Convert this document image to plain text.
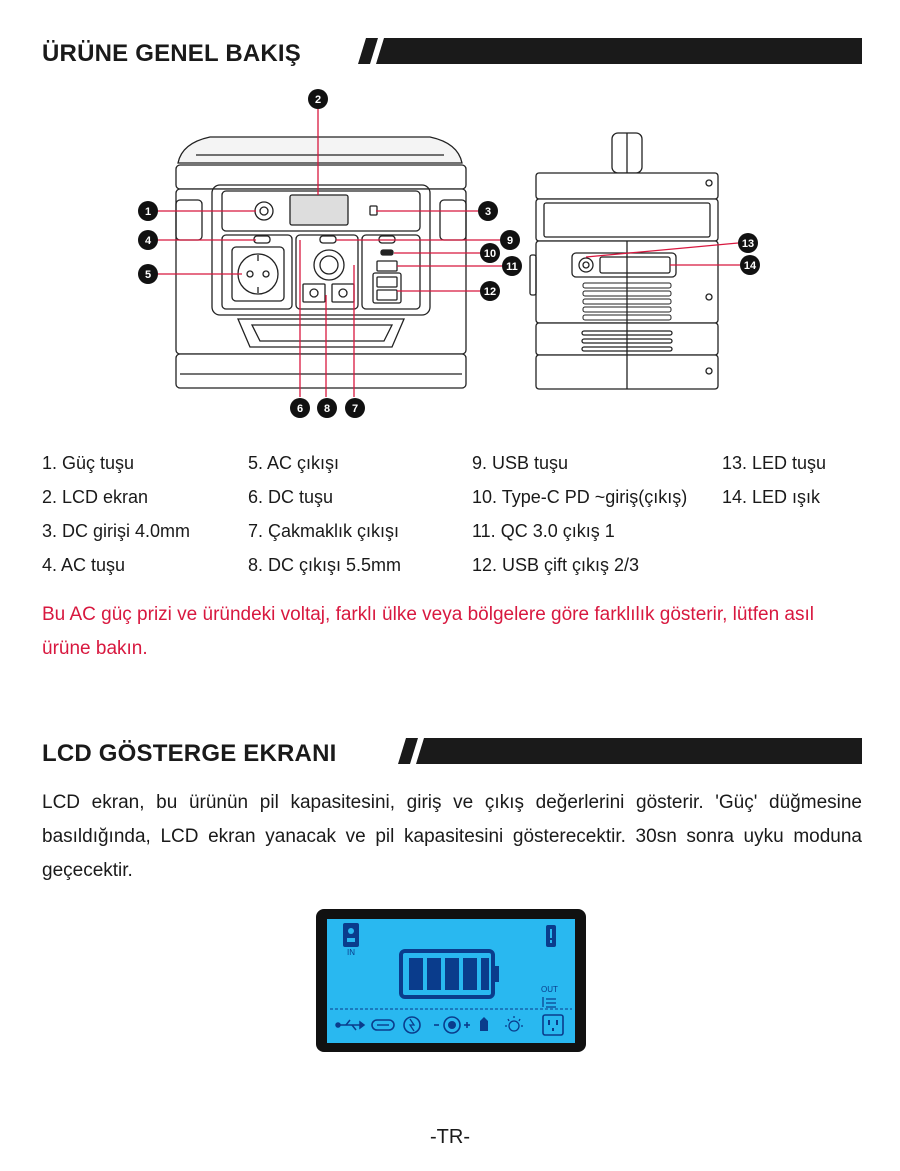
ÜRÜNE GENEL BAKIŞ
2
1	3
4
5
9
10
11
12
6 8 7
13
14
1. Güç tuşu
2. LCD ekran
3. DC girişi 4.0mm
4. AC tuşu
5. AC çıkışı
6. DC tuşu
7. Çakmaklık çıkışı
8. DC çıkışı 5.5mm
9. USB tuşu
10. Type-C PD ~giriş(çıkış)
11. QC 3.0 çıkış 1
12. USB çift çıkış 2/3
13. LED tuşu
14. LED ışık
Bu AC güç prizi ve üründeki voltaj, farklı ülke veya bölgelere göre farklılık gösterir, lütfen asıl ürüne bakın.
LCD GÖSTERGE EKRANI
LCD ekran, bu ürünün pil kapasitesini, giriş ve çıkış değerlerini gösterir. 'Güç' düğmesine basıldığında, LCD ekran yanacak ve pil kapasitesini gösterecektir. 30sn sonra uyku moduna geçecektir.
IN
OUT
-TR-
